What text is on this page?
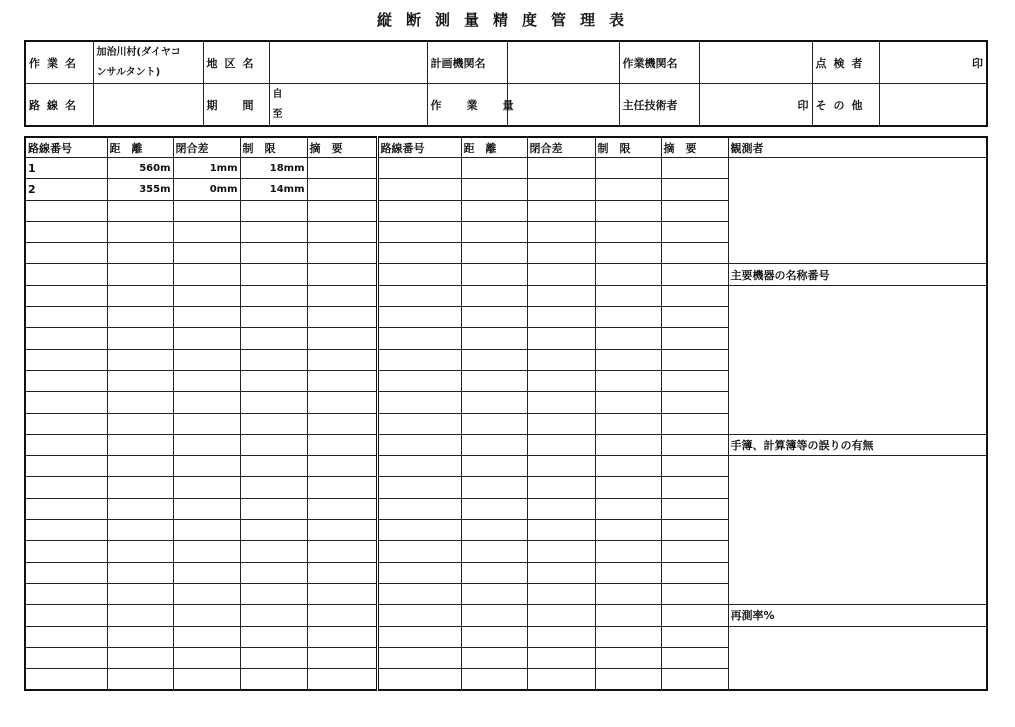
縦断測量精度管理表
作業名	加治川村(ダイヤコ
ンサルタント)	地区名		計画機関名		作業機関名		点検者	印
路線名		期　間	自
至	作　業　量		主任技術者	印	その他	
路線番号	距　離	閉合差	制　限	摘　要	路線番号	距　離	閉合差	制　限	摘　要	観測者
1	560m	1mm	18mm							
2	355m	0mm	14mm							

										主要機器の名称番号

										手簿、計算簿等の誤りの有無

										再測率%
